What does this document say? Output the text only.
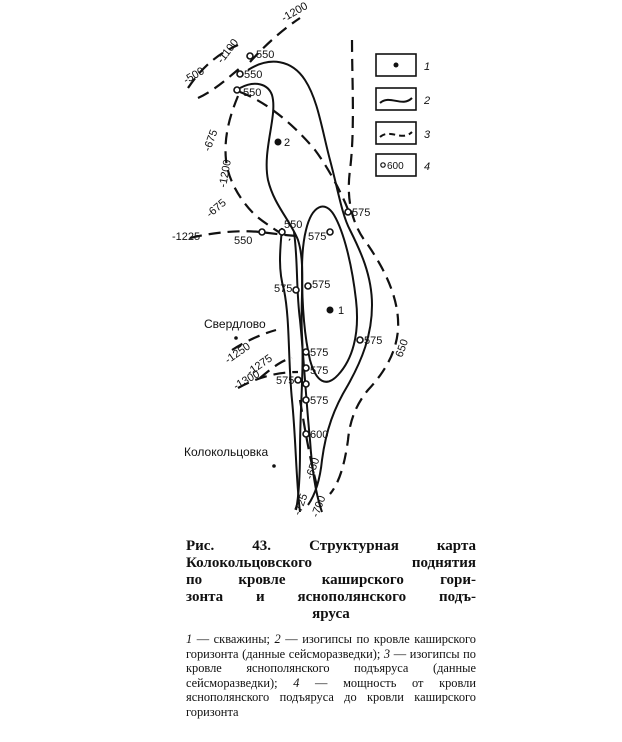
550
550
550
550
550
575
575
575 575
575
575
575
575
575
600
-1100
-1200
-500
-675
-1200
-675
-1225
-1250
-1275
-1300
650
-650
-700
-725
1
2
Свердлово
Колокольцовка
1
2
3
600 4
Рис. 43. Структурная карта
Колокольцовского поднятия
по кровле каширского гори-
зонта и яснополянского подъ-
яруса
1 — скважины; 2 — изогипсы по кровле каширского горизонта (данные сейсморазведки); 3 — изогипсы по кровле яснополянского подъяруса (данные сейсморазведки); 4 — мощность от кровли яснополянского подъяруса до кровли каширского горизонта
